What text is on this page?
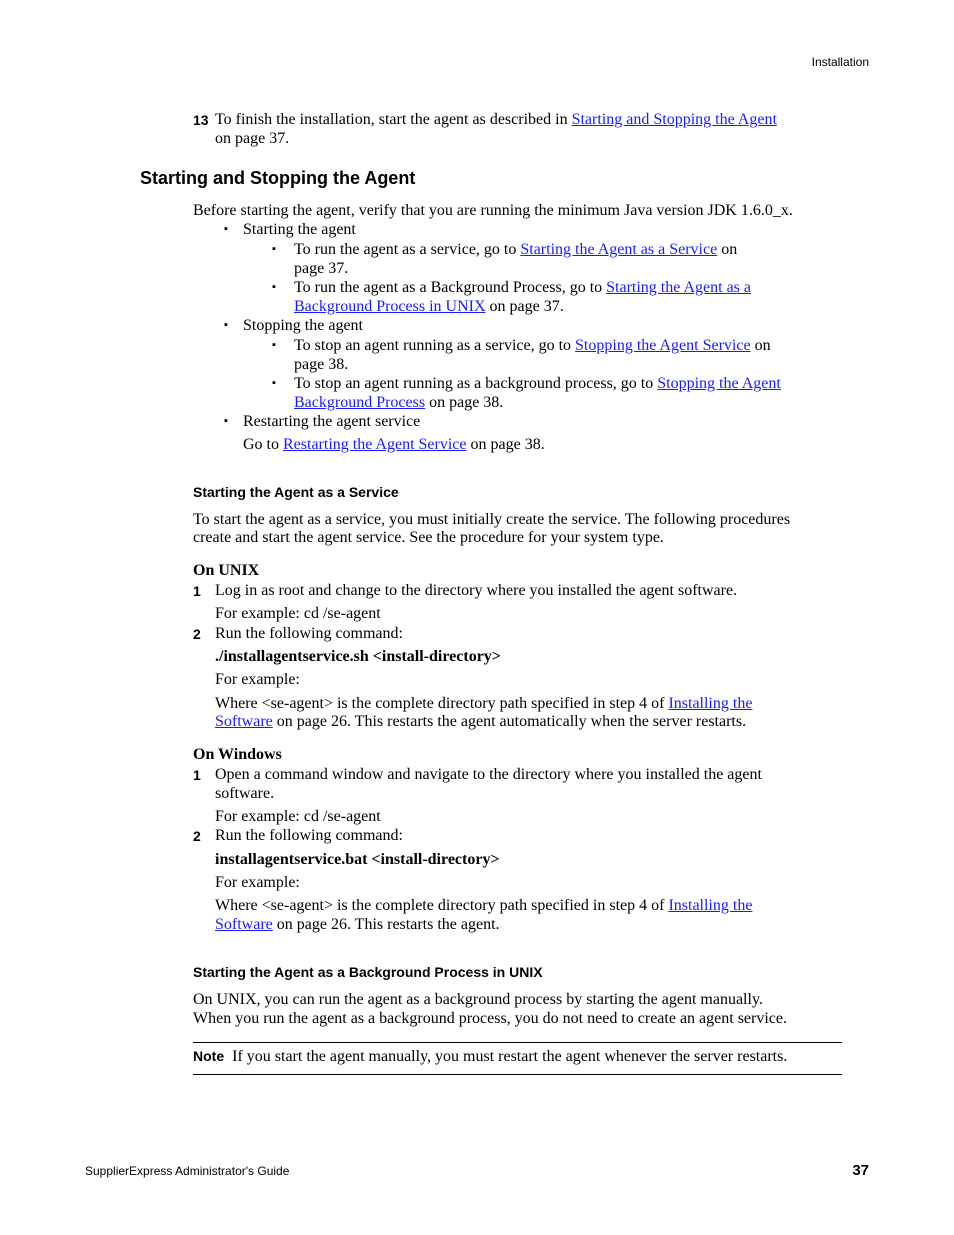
Installation
13 To finish the installation, start the agent as described in Starting and Stopping the Agent
on page 37.
Starting and Stopping the Agent
Before starting the agent, verify that you are running the minimum Java version JDK 1.6.0_x.
▪ Starting the agent
▪ To run the agent as a service, go to Starting the Agent as a Service on
page 37.
▪ To run the agent as a Background Process, go to Starting the Agent as a
Background Process in UNIX on page 37.
▪ Stopping the agent
▪ To stop an agent running as a service, go to Stopping the Agent Service on
page 38.
▪ To stop an agent running as a background process, go to Stopping the Agent
Background Process on page 38.
▪ Restarting the agent service
Go to Restarting the Agent Service on page 38.
Starting the Agent as a Service
To start the agent as a service, you must initially create the service. The following procedures
create and start the agent service. See the procedure for your system type.
On UNIX
1 Log in as root and change to the directory where you installed the agent software.
For example: cd /se-agent
2 Run the following command:
./installagentservice.sh <install-directory>
For example:
Where <se-agent> is the complete directory path specified in step 4 of Installing the
Software on page 26. This restarts the agent automatically when the server restarts.
On Windows
1 Open a command window and navigate to the directory where you installed the agent
software.
For example: cd /se-agent
2 Run the following command:
installagentservice.bat <install-directory>
For example:
Where <se-agent> is the complete directory path specified in step 4 of Installing the
Software on page 26. This restarts the agent.
Starting the Agent as a Background Process in UNIX
On UNIX, you can run the agent as a background process by starting the agent manually.
When you run the agent as a background process, you do not need to create an agent service.
Note If you start the agent manually, you must restart the agent whenever the server restarts.
SupplierExpress Administrator's Guide	37
